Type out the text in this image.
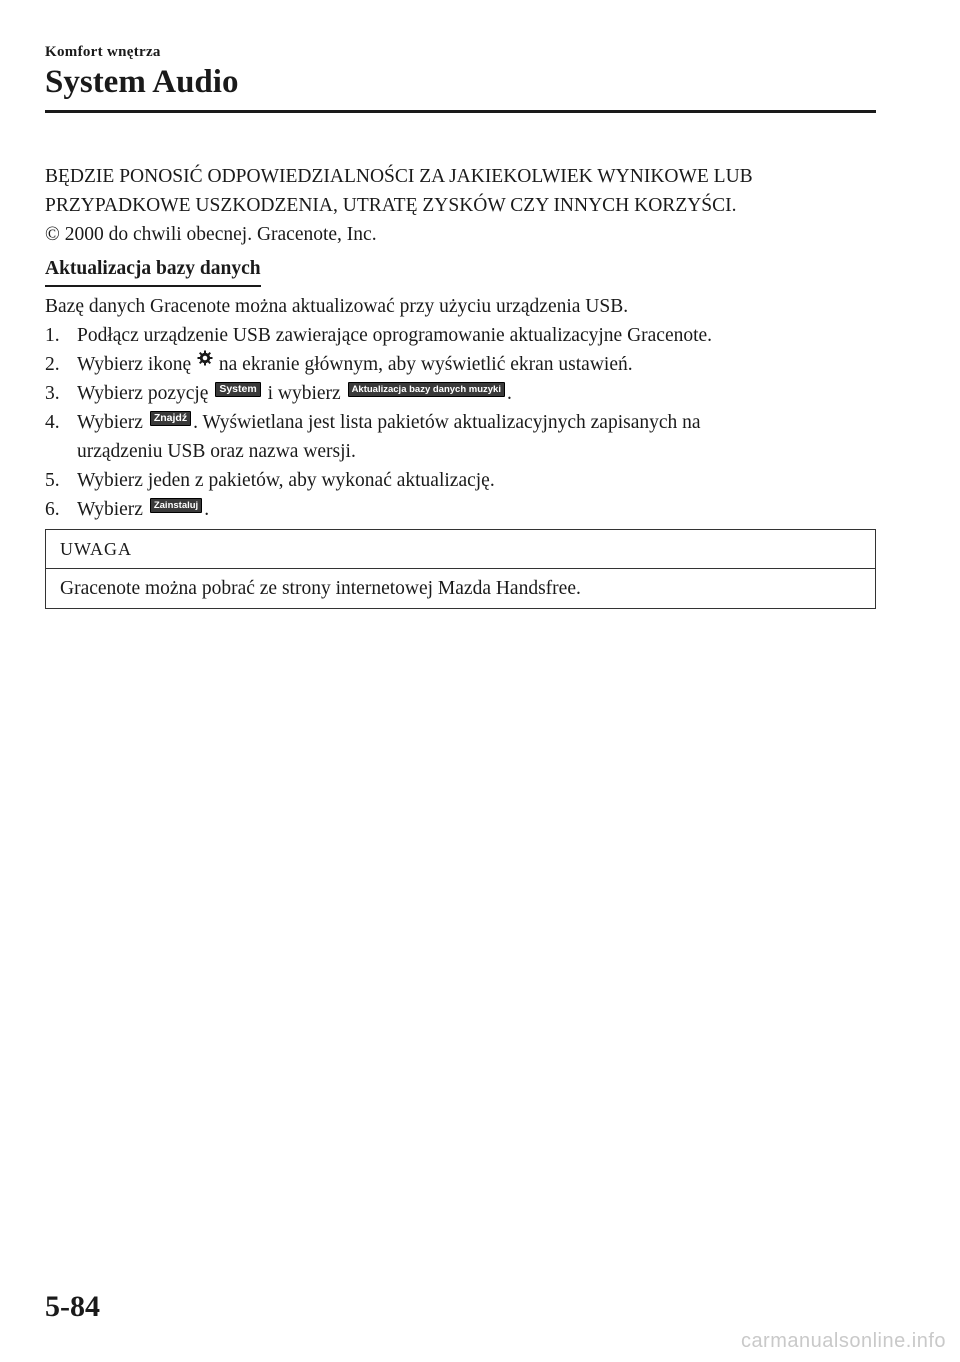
Komfort wnętrza
System Audio
BĘDZIE PONOSIĆ ODPOWIEDZIALNOŚCI ZA JAKIEKOLWIEK WYNIKOWE LUB
PRZYPADKOWE USZKODZENIA, UTRATĘ ZYSKÓW CZY INNYCH KORZYŚCI.
© 2000 do chwili obecnej. Gracenote, Inc.
Aktualizacja bazy danych
Bazę danych Gracenote można aktualizować przy użyciu urządzenia USB.
1. Podłącz urządzenie USB zawierające oprogramowanie aktualizacyjne Gracenote.
2. Wybierz ikonę na ekranie głównym, aby wyświetlić ekran ustawień.
3. Wybierz pozycję System i wybierz Aktualizacja bazy danych muzyki .
4. Wybierz Znajdź . Wyświetlana jest lista pakietów aktualizacyjnych zapisanych na
urządzeniu USB oraz nazwa wersji.
5. Wybierz jeden z pakietów, aby wykonać aktualizację.
6. Wybierz Zainstaluj .
UWAGA
Gracenote można pobrać ze strony internetowej Mazda Handsfree.
5-84
carmanualsonline.info
